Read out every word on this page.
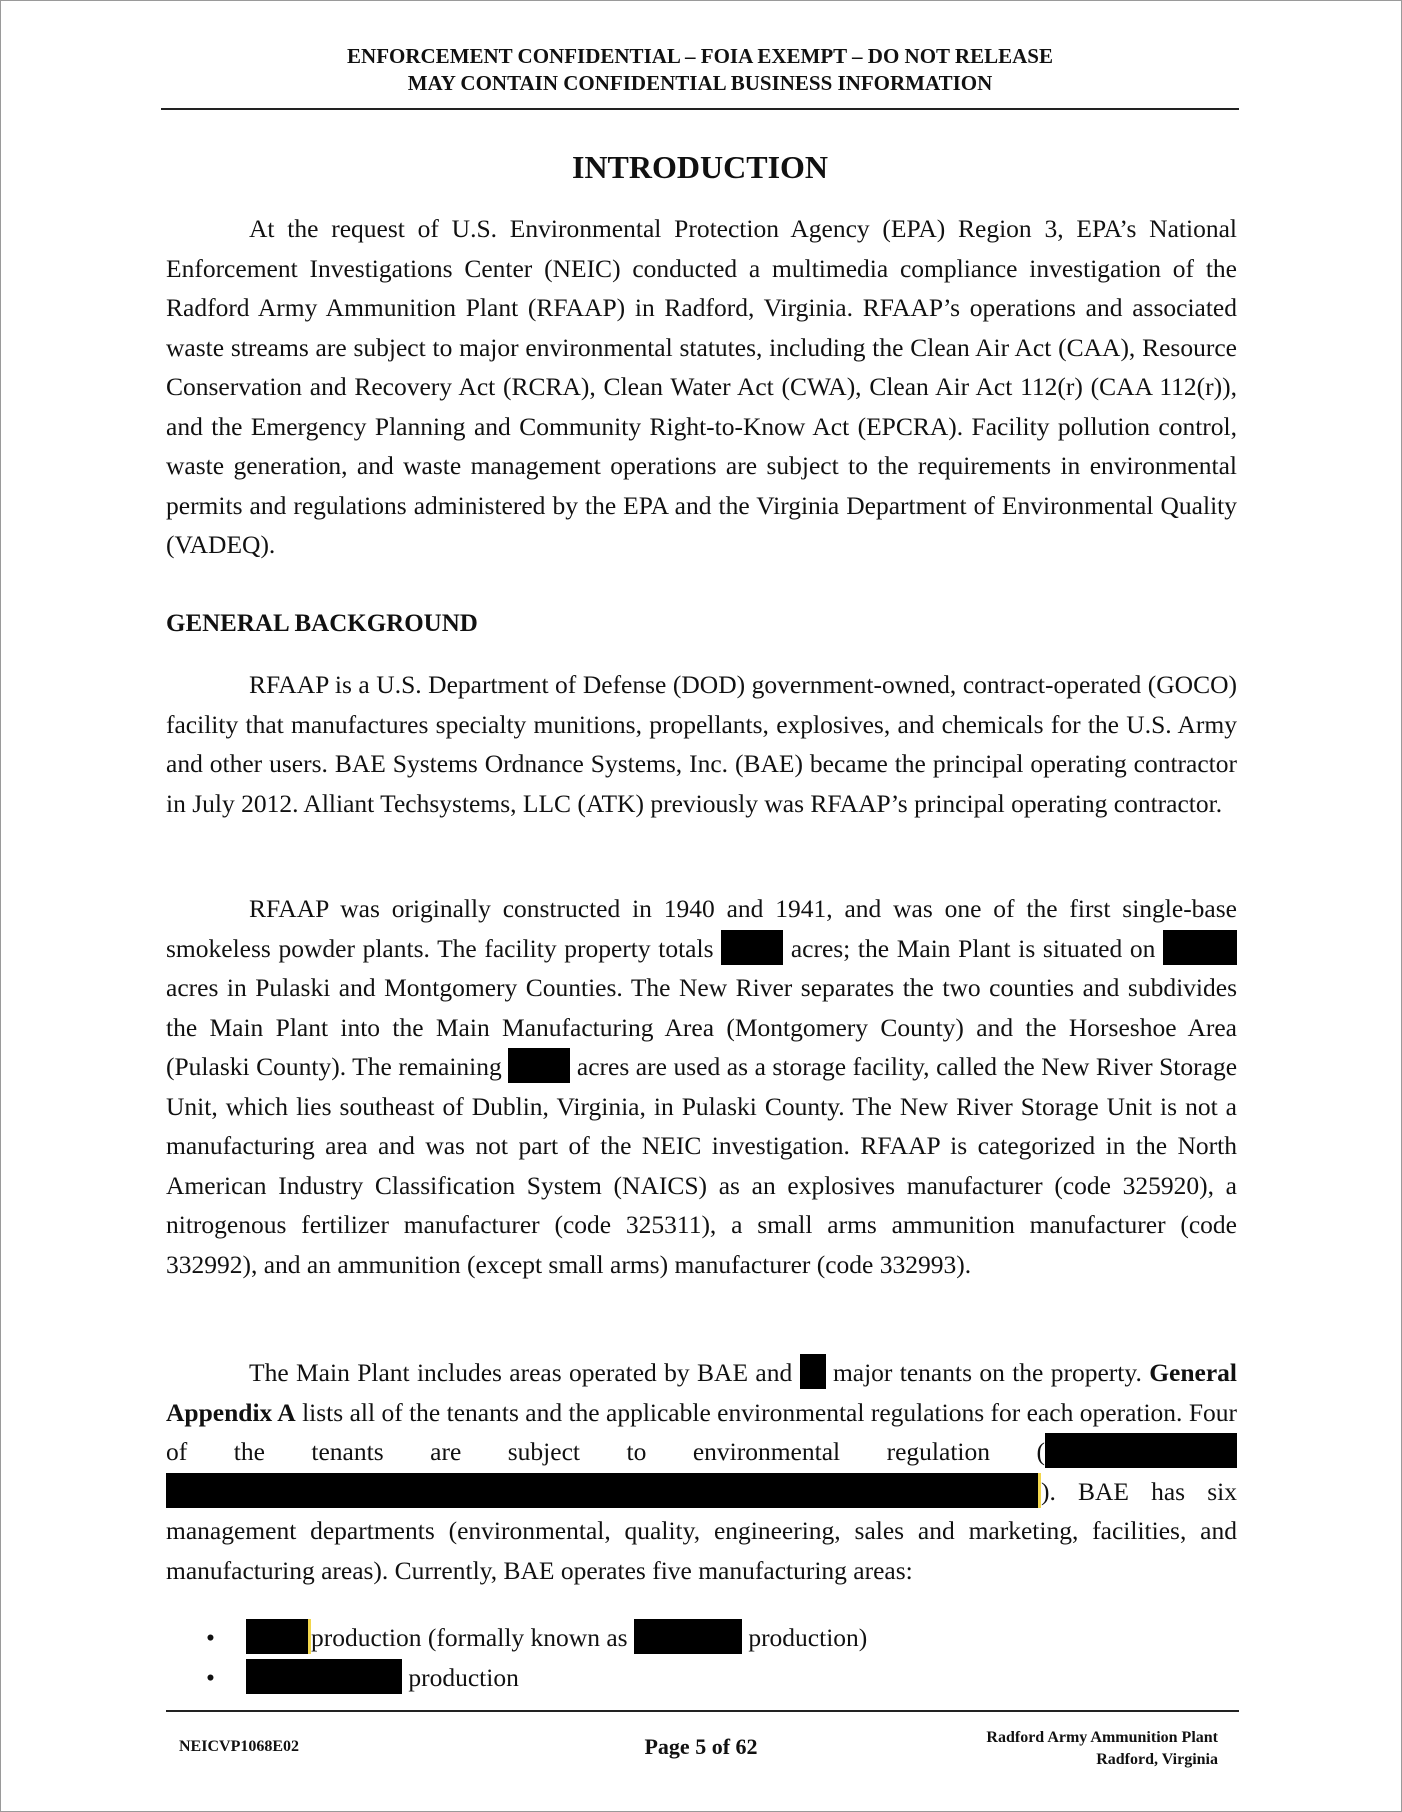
ENFORCEMENT CONFIDENTIAL – FOIA EXEMPT – DO NOT RELEASE
MAY CONTAIN CONFIDENTIAL BUSINESS INFORMATION
INTRODUCTION

At the request of U.S. Environmental Protection Agency (EPA) Region 3, EPA’s National Enforcement Investigations Center (NEIC) conducted a multimedia compliance investigation of the Radford Army Ammunition Plant (RFAAP) in Radford, Virginia. RFAAP’s operations and associated waste streams are subject to major environmental statutes, including the Clean Air Act (CAA), Resource Conservation and Recovery Act (RCRA), Clean Water Act (CWA), Clean Air Act 112(r) (CAA 112(r)), and the Emergency Planning and Community Right-to-Know Act (EPCRA). Facility pollution control, waste generation, and waste management operations are subject to the requirements in environmental permits and regulations administered by the EPA and the Virginia Department of Environmental Quality (VADEQ).

GENERAL BACKGROUND

RFAAP is a U.S. Department of Defense (DOD) government-owned, contract-operated (GOCO) facility that manufactures specialty munitions, propellants, explosives, and chemicals for the U.S. Army and other users. BAE Systems Ordnance Systems, Inc. (BAE) became the principal operating contractor in July 2012. Alliant Techsystems, LLC (ATK) previously was RFAAP’s principal operating contractor.

RFAAP was originally constructed in 1940 and 1941, and was one of the first single-base smokeless powder plants. The facility property totals	acres; the Main Plant is situated on acres in Pulaski and Montgomery Counties. The New River separates the two counties and subdivides the Main Plant into the Main Manufacturing Area (Montgomery County) and the Horseshoe Area (Pulaski County). The remaining	acres are used as a storage facility, called the New River Storage Unit, which lies southeast of Dublin, Virginia, in Pulaski County. The New River Storage Unit is not a manufacturing area and was not part of the NEIC investigation. RFAAP is categorized in the North American Industry Classification System (NAICS) as an explosives manufacturer (code 325920), a nitrogenous fertilizer manufacturer (code 325311), a small arms ammunition manufacturer (code 332992), and an ammunition (except small arms) manufacturer (code 332993).

The Main Plant includes areas operated by BAE and major tenants on the property. General Appendix A lists all of the tenants and the applicable environmental regulations for each operation. Four of the tenants are subject to environmental regulation (). BAE has six management departments (environmental, quality, engineering, sales and marketing, facilities, and manufacturing areas). Currently, BAE operates five manufacturing areas:

•	production (formally known as	production)
•	production
NEICVP1068E02	Page 5 of 62	Radford Army Ammunition Plant
Radford, Virginia
